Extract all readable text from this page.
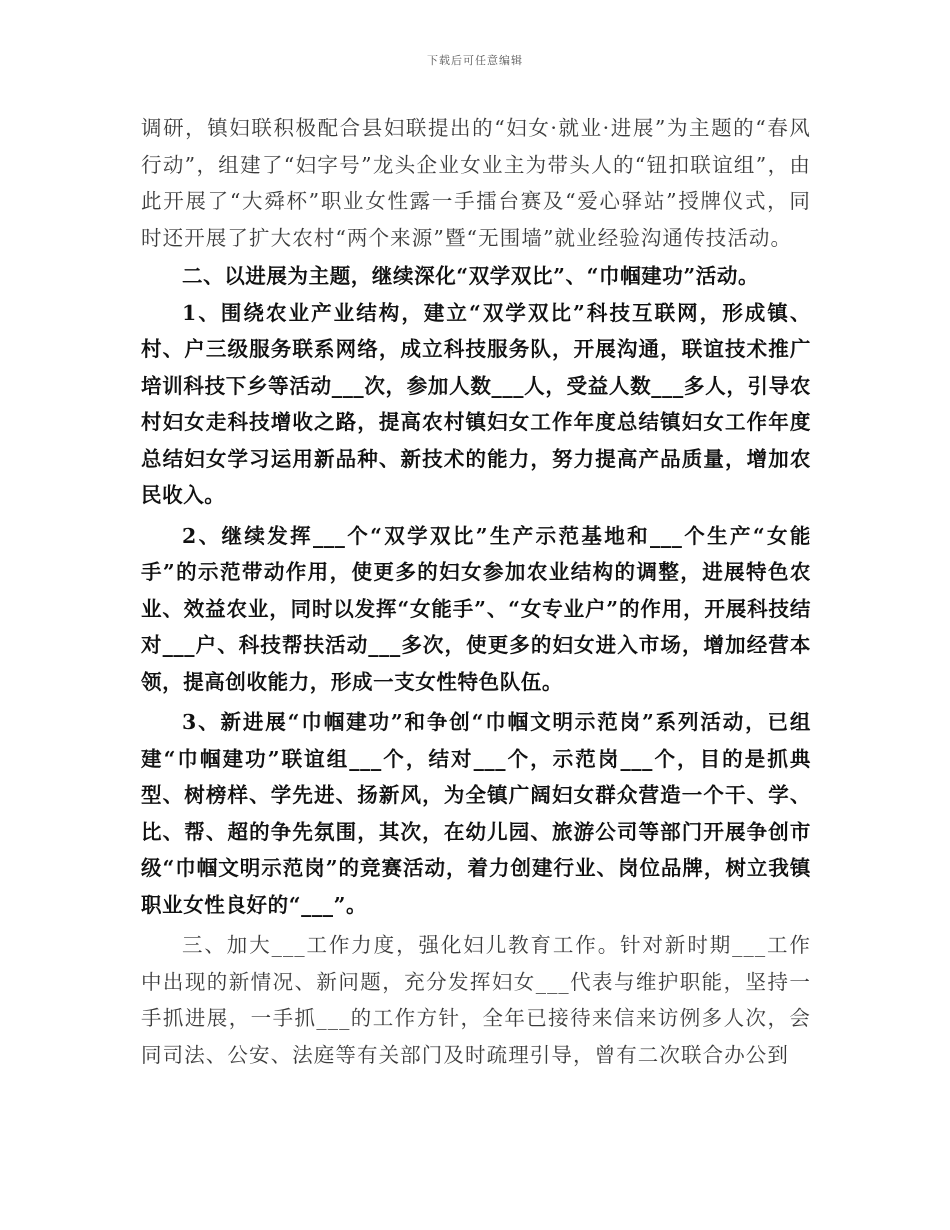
下载后可任意编辑

调研，镇妇联积极配合县妇联提出的“妇女·就业·进展”为主题的“春风行动”，组建了“妇字号”龙头企业女业主为带头人的“钮扣联谊组”，由此开展了“大舜杯”职业女性露一手擂台赛及“爱心驿站”授牌仪式，同时还开展了扩大农村“两个来源”暨“无围墙”就业经验沟通传技活动。

二、以进展为主题，继续深化“双学双比”、“巾帼建功”活动。

1、围绕农业产业结构，建立“双学双比”科技互联网，形成镇、村、户三级服务联系网络，成立科技服务队，开展沟通，联谊技术推广培训科技下乡等活动___次，参加人数___人，受益人数___多人，引导农村妇女走科技增收之路，提高农村镇妇女工作年度总结镇妇女工作年度总结妇女学习运用新品种、新技术的能力，努力提高产品质量，增加农民收入。

2、继续发挥___个“双学双比”生产示范基地和___个生产“女能手”的示范带动作用，使更多的妇女参加农业结构的调整，进展特色农业、效益农业，同时以发挥“女能手”、“女专业户”的作用，开展科技结对___户、科技帮扶活动___多次，使更多的妇女进入市场，增加经营本领，提高创收能力，形成一支女性特色队伍。

3、新进展“巾帼建功”和争创“巾帼文明示范岗”系列活动，已组建“巾帼建功”联谊组___个，结对___个，示范岗___个，目的是抓典型、树榜样、学先进、扬新风，为全镇广阔妇女群众营造一个干、学、比、帮、超的争先氛围，其次，在幼儿园、旅游公司等部门开展争创市级“巾帼文明示范岗”的竞赛活动，着力创建行业、岗位品牌，树立我镇职业女性良好的“___”。

三、加大___工作力度，强化妇儿教育工作。针对新时期___工作中出现的新情况、新问题，充分发挥妇女___代表与维护职能，坚持一手抓进展，一手抓___的工作方针，全年已接待来信来访例多人次，会同司法、公安、法庭等有关部门及时疏理引导，曾有二次联合办公到
